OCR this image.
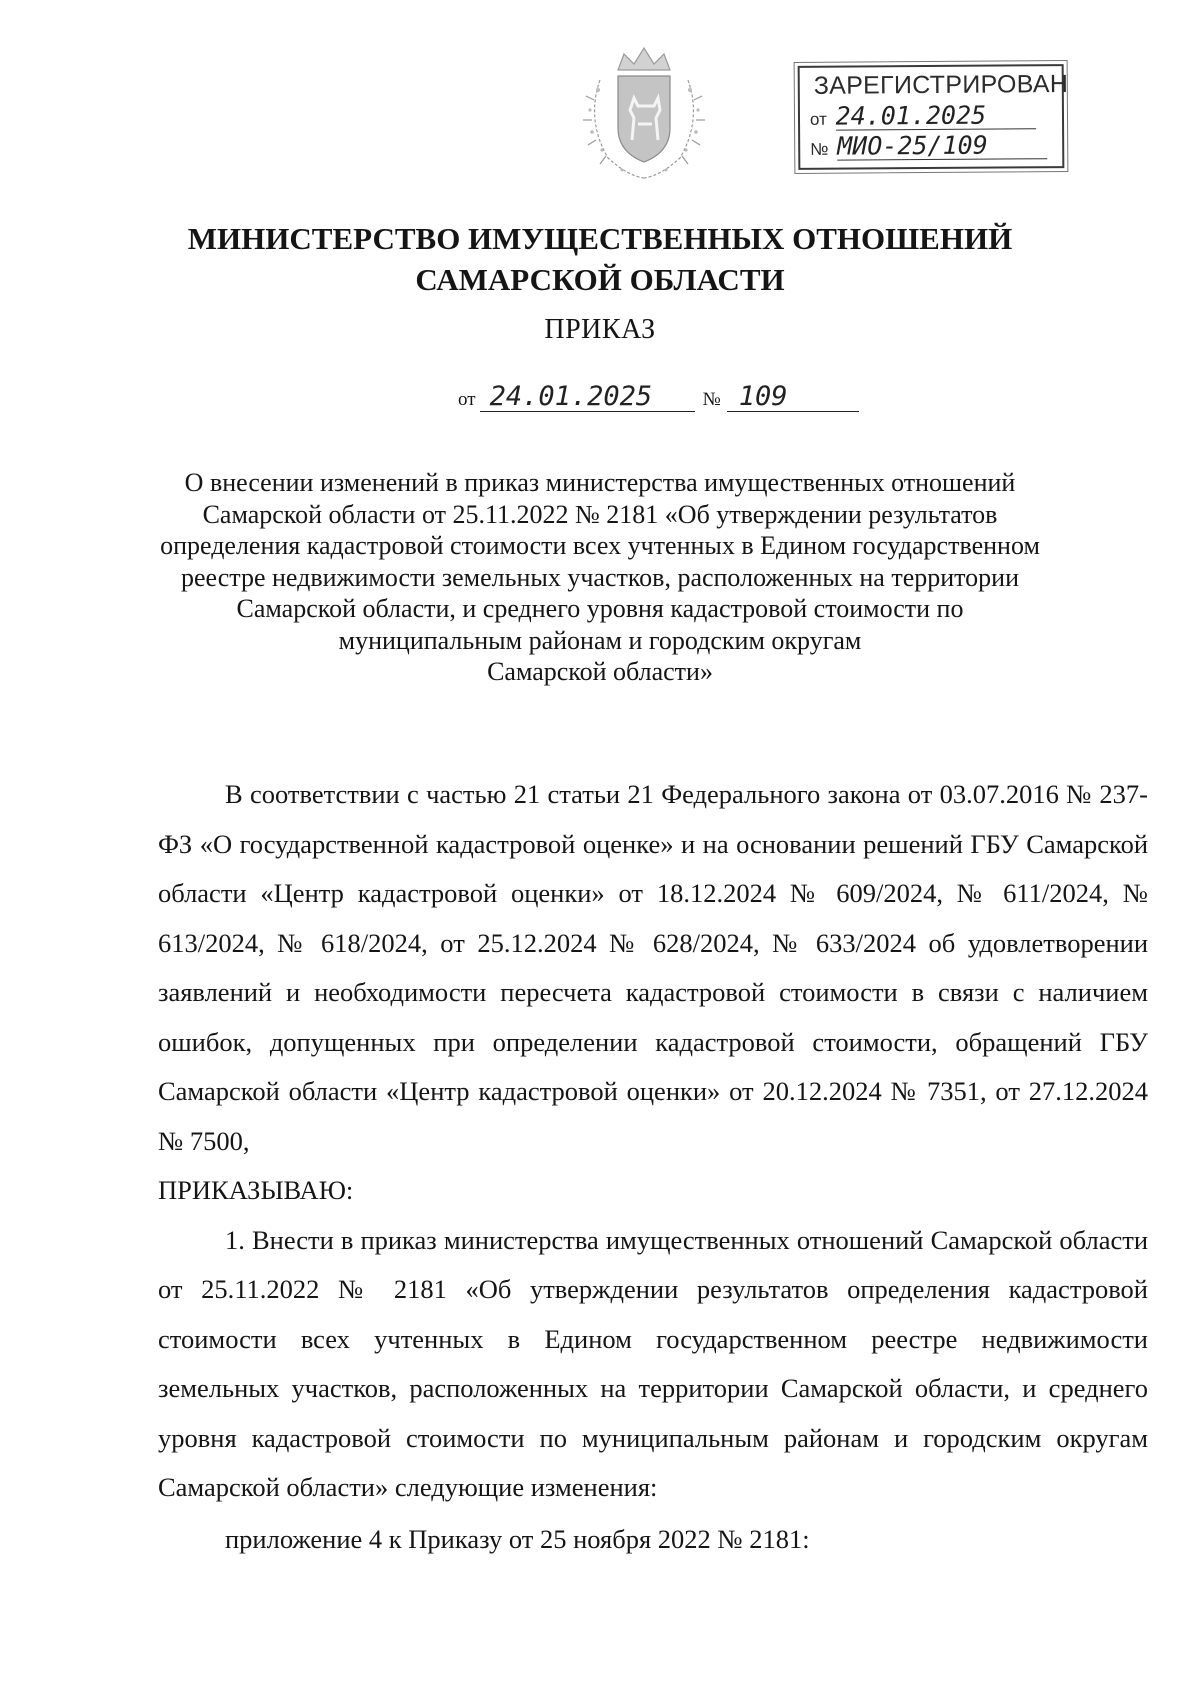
ЗАРЕГИСТРИРОВАН
от 24.01.2025
№ МИО-25/109
МИНИСТЕРСТВО ИМУЩЕСТВЕННЫХ ОТНОШЕНИЙ
САМАРСКОЙ ОБЛАСТИ
ПРИКАЗ
от 24.01.2025	№ 109
О внесении изменений в приказ министерства имущественных отношений
Самарской области от 25.11.2022 № 2181 «Об утверждении результатов
определения кадастровой стоимости всех учтенных в Едином государственном
реестре недвижимости земельных участков, расположенных на территории
Самарской области, и среднего уровня кадастровой стоимости по
муниципальным районам и городским округам
Самарской области»

В соответствии с частью 21 статьи 21 Федерального закона от 03.07.2016 № 237-ФЗ «О государственной кадастровой оценке» и на основании решений ГБУ Самарской области «Центр кадастровой оценки» от 18.12.2024 № 609/2024, № 611/2024, № 613/2024, № 618/2024, от 25.12.2024 № 628/2024, № 633/2024 об удовлетворении заявлений и необходимости пересчета кадастровой стоимости в связи с наличием ошибок, допущенных при определении кадастровой стоимости, обращений ГБУ Самарской области «Центр кадастровой оценки» от 20.12.2024 № 7351, от 27.12.2024 № 7500,

ПРИКАЗЫВАЮ:

1. Внести в приказ министерства имущественных отношений Самарской области от 25.11.2022 № 2181 «Об утверждении результатов определения кадастровой стоимости всех учтенных в Едином государственном реестре недвижимости земельных участков, расположенных на территории Самарской области, и среднего уровня кадастровой стоимости по муниципальным районам и городским округам Самарской области» следующие изменения:

приложение 4 к Приказу от 25 ноября 2022 № 2181:
